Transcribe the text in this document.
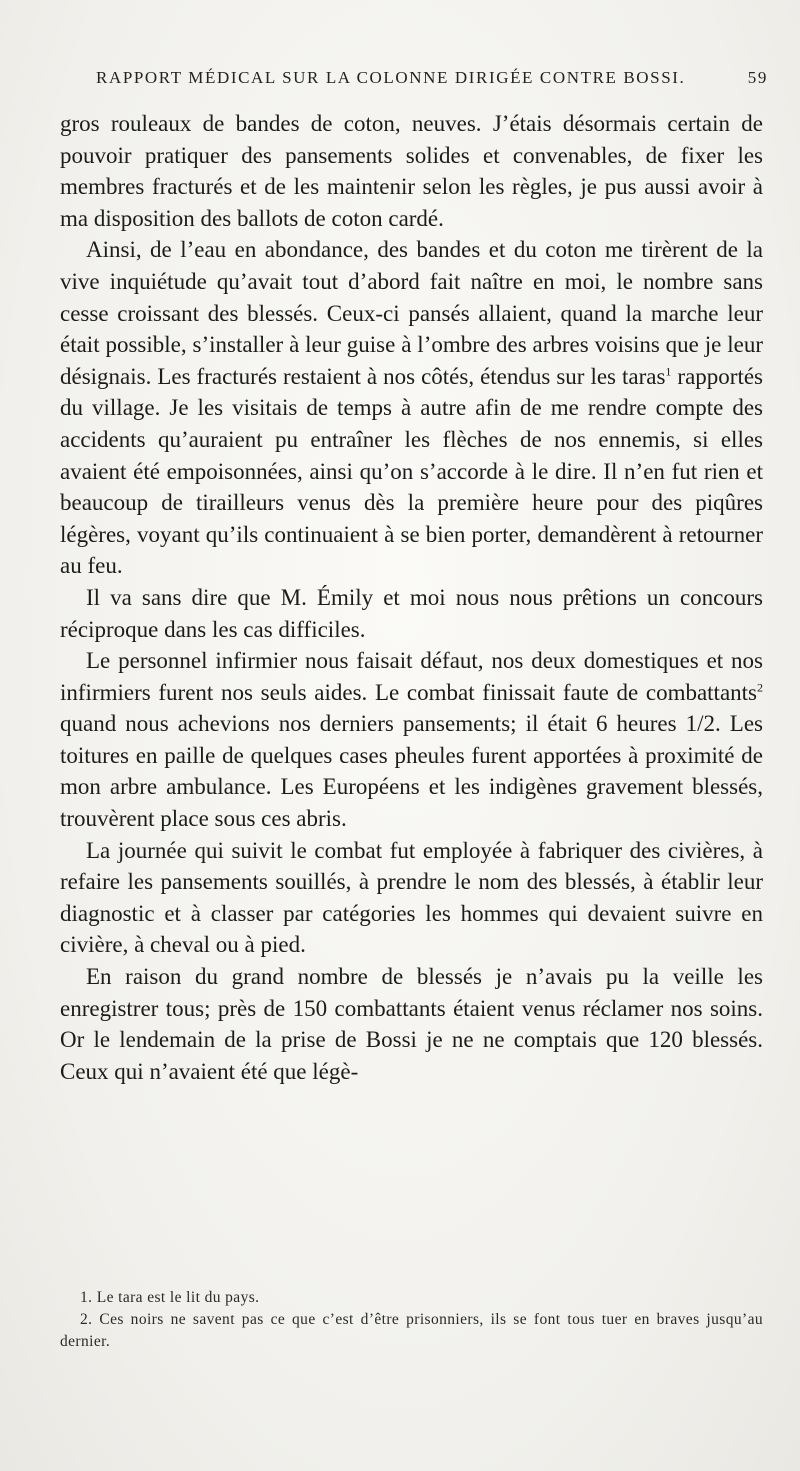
RAPPORT MÉDICAL SUR LA COLONNE DIRIGÉE CONTRE BOSSI.	59

gros rouleaux de bandes de coton, neuves. J’étais désormais certain de pouvoir pratiquer des pansements solides et convenables, de fixer les membres fracturés et de les maintenir selon les règles, je pus aussi avoir à ma disposition des ballots de coton cardé.

Ainsi, de l’eau en abondance, des bandes et du coton me tirèrent de la vive inquiétude qu’avait tout d’abord fait naître en moi, le nombre sans cesse croissant des blessés. Ceux-ci pansés allaient, quand la marche leur était possible, s’installer à leur guise à l’ombre des arbres voisins que je leur désignais. Les fracturés restaient à nos côtés, étendus sur les taras$^1$ rapportés du village. Je les visitais de temps à autre afin de me rendre compte des accidents qu’auraient pu entraîner les flèches de nos ennemis, si elles avaient été empoisonnées, ainsi qu’on s’accorde à le dire. Il n’en fut rien et beaucoup de tirailleurs venus dès la première heure pour des piqûres légères, voyant qu’ils continuaient à se bien porter, demandèrent à retourner au feu.

Il va sans dire que M. Émily et moi nous nous prêtions un concours réciproque dans les cas difficiles.

Le personnel infirmier nous faisait défaut, nos deux domestiques et nos infirmiers furent nos seuls aides. Le combat finissait faute de combattants$^2$ quand nous achevions nos derniers pansements; il était 6 heures 1/2. Les toitures en paille de quelques cases pheules furent apportées à proximité de mon arbre ambulance. Les Européens et les indigènes gravement blessés, trouvèrent place sous ces abris.

La journée qui suivit le combat fut employée à fabriquer des civières, à refaire les pansements souillés, à prendre le nom des blessés, à établir leur diagnostic et à classer par catégories les hommes qui devaient suivre en civière, à cheval ou à pied.

En raison du grand nombre de blessés je n’avais pu la veille les enregistrer tous; près de 150 combattants étaient venus réclamer nos soins. Or le lendemain de la prise de Bossi je ne ne comptais que 120 blessés. Ceux qui n’avaient été que légè-

1. Le tara est le lit du pays.

2. Ces noirs ne savent pas ce que c’est d’être prisonniers, ils se font tous tuer en braves jusqu’au dernier.
